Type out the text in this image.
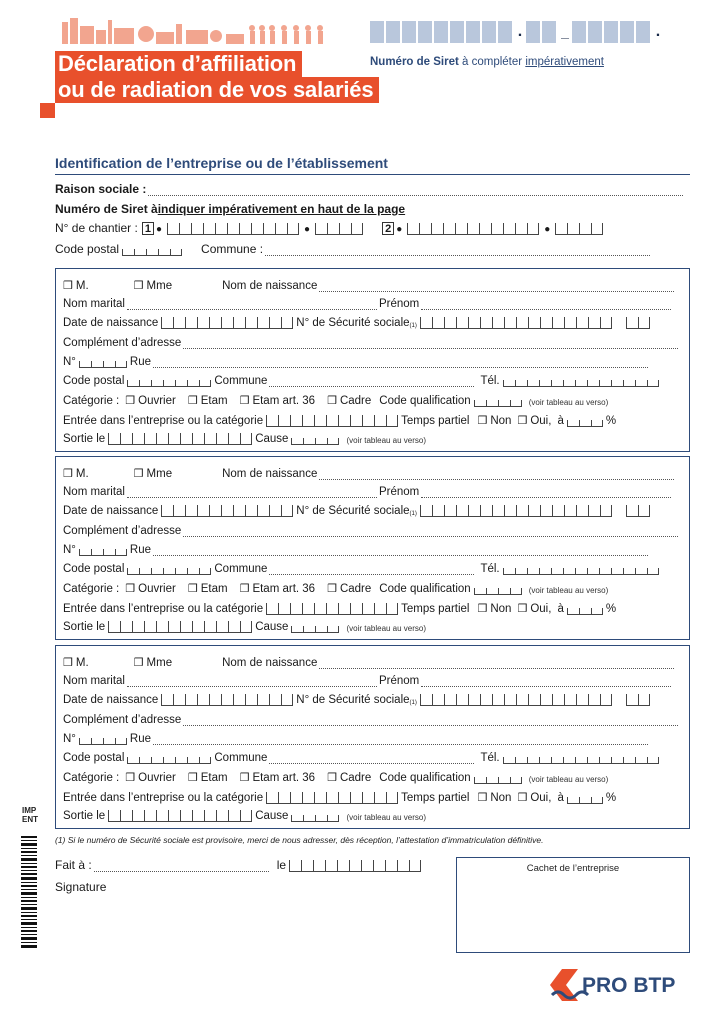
Déclaration d’affiliation
ou de radiation de vos salariés
.	_	.
Numéro de Siret à compléter impérativement
Identification de l’entreprise ou de l’établissement
Raison sociale :
Numéro de Siret à indiquer impérativement en haut de la page
N° de chantier : 1 ●	●	2 ●	●
Code postal	Commune :
❒ M.	❒ Mme	Nom de naissance
Nom marital	Prénom
Date de naissance	N° de Sécurité sociale$_{(1)}$
Complément d’adresse
N°	Rue
Code postal	Commune	Tél.
Catégorie : ❒ Ouvrier ❒ Etam ❒ Etam art. 36 ❒ Cadre Code qualification	(voir tableau au verso)
Entrée dans l’entreprise ou la catégorie	Temps partiel ❒ Non ❒ Oui, à	%
Sortie le	Cause	(voir tableau au verso)
❒ M.	❒ Mme	Nom de naissance
Nom marital	Prénom
Date de naissance	N° de Sécurité sociale$_{(1)}$
Complément d’adresse
N°	Rue
Code postal	Commune	Tél.
Catégorie : ❒ Ouvrier ❒ Etam ❒ Etam art. 36 ❒ Cadre Code qualification	(voir tableau au verso)
Entrée dans l’entreprise ou la catégorie	Temps partiel ❒ Non ❒ Oui, à	%
Sortie le	Cause	(voir tableau au verso)
❒ M.	❒ Mme	Nom de naissance
Nom marital	Prénom
Date de naissance	N° de Sécurité sociale$_{(1)}$
Complément d’adresse
N°	Rue
Code postal	Commune	Tél.
Catégorie : ❒ Ouvrier ❒ Etam ❒ Etam art. 36 ❒ Cadre Code qualification	(voir tableau au verso)
Entrée dans l’entreprise ou la catégorie	Temps partiel ❒ Non ❒ Oui, à	%
Sortie le	Cause	(voir tableau au verso)
IMP
ENT
(1) Si le numéro de Sécurité sociale est provisoire, merci de nous adresser, dès réception, l’attestation d’immatriculation définitive.
Fait à :	le
Signature
Cachet de l’entreprise
PRO BTP
